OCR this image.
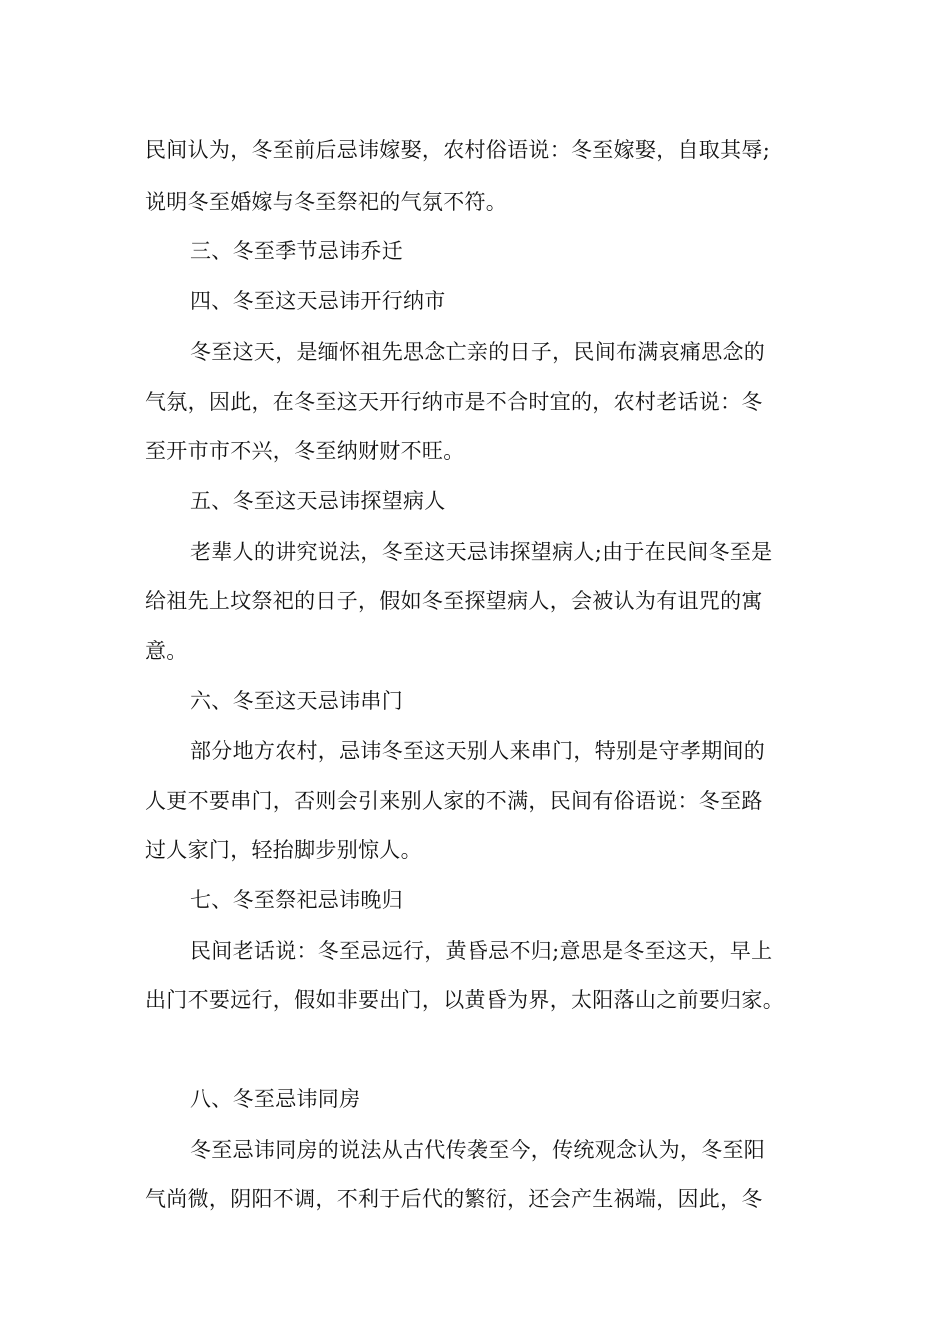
民间认为，冬至前后忌讳嫁娶，农村俗语说：冬至嫁娶，自取其辱;
说明冬至婚嫁与冬至祭祀的气氛不符。
三、冬至季节忌讳乔迁
四、冬至这天忌讳开行纳市
冬至这天，是缅怀祖先思念亡亲的日子，民间布满哀痛思念的
气氛，因此，在冬至这天开行纳市是不合时宜的，农村老话说：冬
至开市市不兴，冬至纳财财不旺。
五、冬至这天忌讳探望病人
老辈人的讲究说法，冬至这天忌讳探望病人;由于在民间冬至是
给祖先上坟祭祀的日子，假如冬至探望病人，会被认为有诅咒的寓
意。
六、冬至这天忌讳串门
部分地方农村，忌讳冬至这天别人来串门，特别是守孝期间的
人更不要串门，否则会引来别人家的不满，民间有俗语说：冬至路
过人家门，轻抬脚步别惊人。
七、冬至祭祀忌讳晚归
民间老话说：冬至忌远行，黄昏忌不归;意思是冬至这天，早上
出门不要远行，假如非要出门，以黄昏为界，太阳落山之前要归家。
八、冬至忌讳同房
冬至忌讳同房的说法从古代传袭至今，传统观念认为，冬至阳
气尚微，阴阳不调，不利于后代的繁衍，还会产生祸端，因此，冬
